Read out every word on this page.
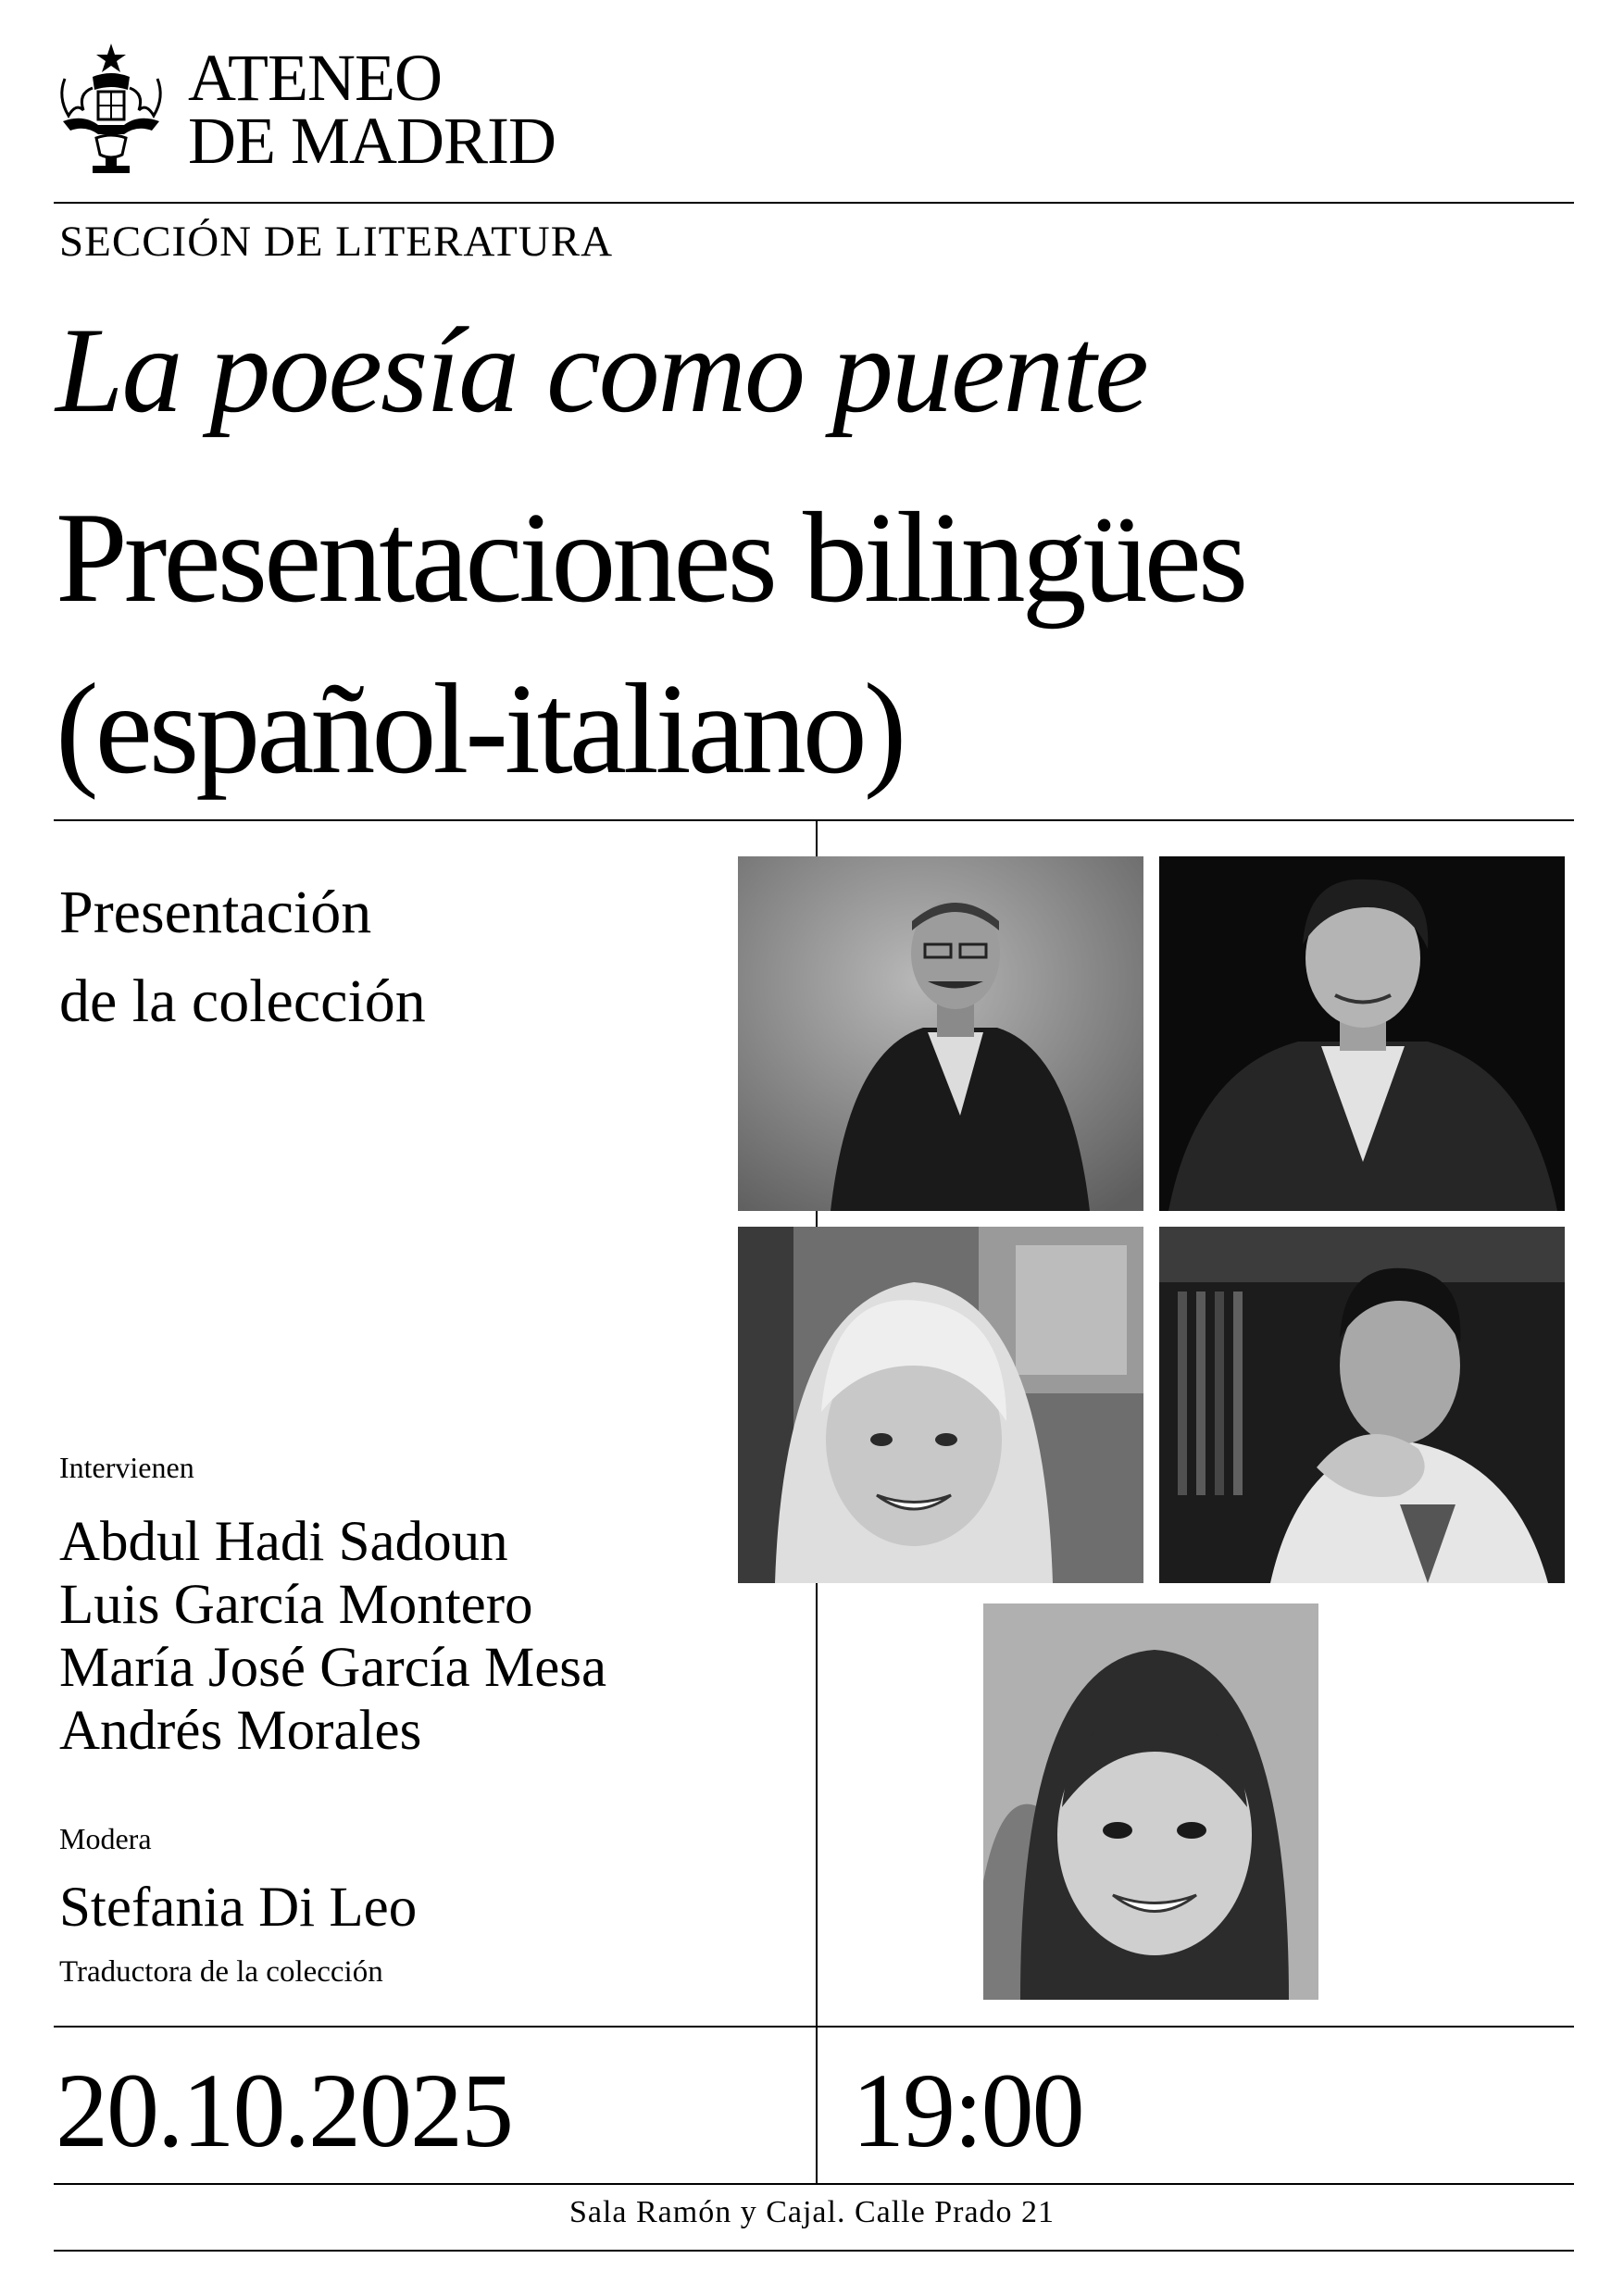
ATENEO
DE MADRID
SECCIÓN DE LITERATURA
La poesía como puente
Presentaciones bilingües
(español-italiano)
Presentación
de la colección
Intervienen
Abdul Hadi Sadoun
Luis García Montero
María José García Mesa
Andrés Morales
Modera
Stefania Di Leo
Traductora de la colección
20.10.2025	19:00
Sala Ramón y Cajal. Calle Prado 21
